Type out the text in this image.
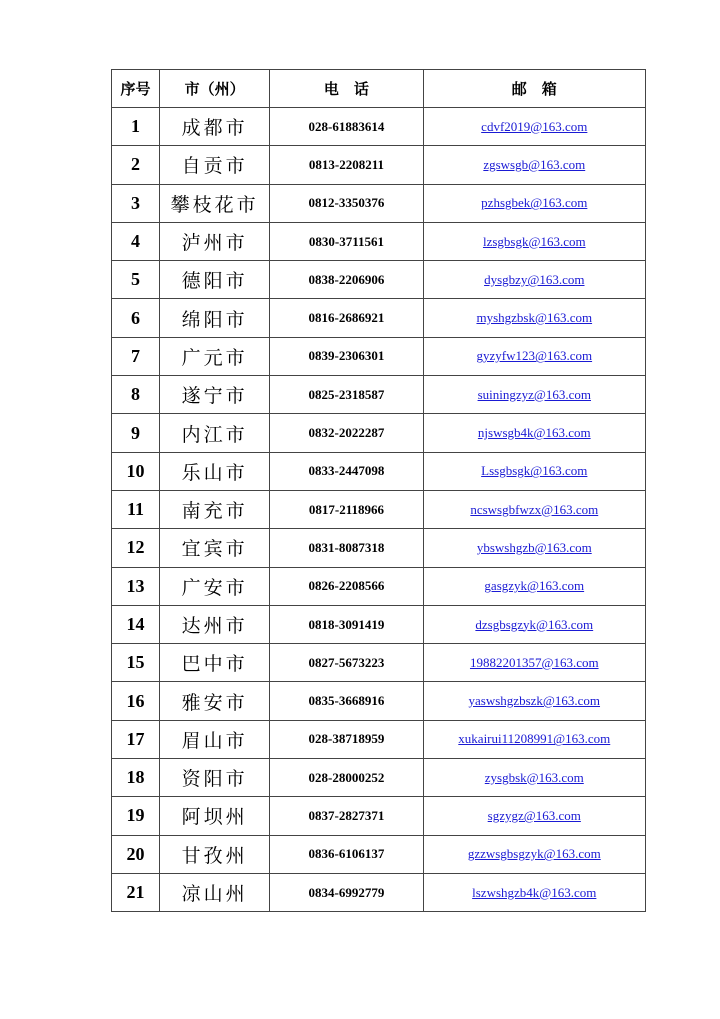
序号	市（州）	电　话	邮　箱
1	成都市	028-61883614	cdvf2019@163.com
2	自贡市	0813-2208211	zgswsgb@163.com
3	攀枝花市	0812-3350376	pzhsgbek@163.com
4	泸州市	0830-3711561	lzsgbsgk@163.com
5	德阳市	0838-2206906	dysgbzy@163.com
6	绵阳市	0816-2686921	myshgzbsk@163.com
7	广元市	0839-2306301	gyzyfw123@163.com
8	遂宁市	0825-2318587	suiningzyz@163.com
9	内江市	0832-2022287	njswsgb4k@163.com
10	乐山市	0833-2447098	Lssgbsgk@163.com
11	南充市	0817-2118966	ncswsgbfwzx@163.com
12	宜宾市	0831-8087318	ybswshgzb@163.com
13	广安市	0826-2208566	gasgzyk@163.com
14	达州市	0818-3091419	dzsgbsgzyk@163.com
15	巴中市	0827-5673223	19882201357@163.com
16	雅安市	0835-3668916	yaswshgzbszk@163.com
17	眉山市	028-38718959	xukairui11208991@163.com
18	资阳市	028-28000252	zysgbsk@163.com
19	阿坝州	0837-2827371	sgzygz@163.com
20	甘孜州	0836-6106137	gzzwsgbsgzyk@163.com
21	凉山州	0834-6992779	lszwshgzb4k@163.com
